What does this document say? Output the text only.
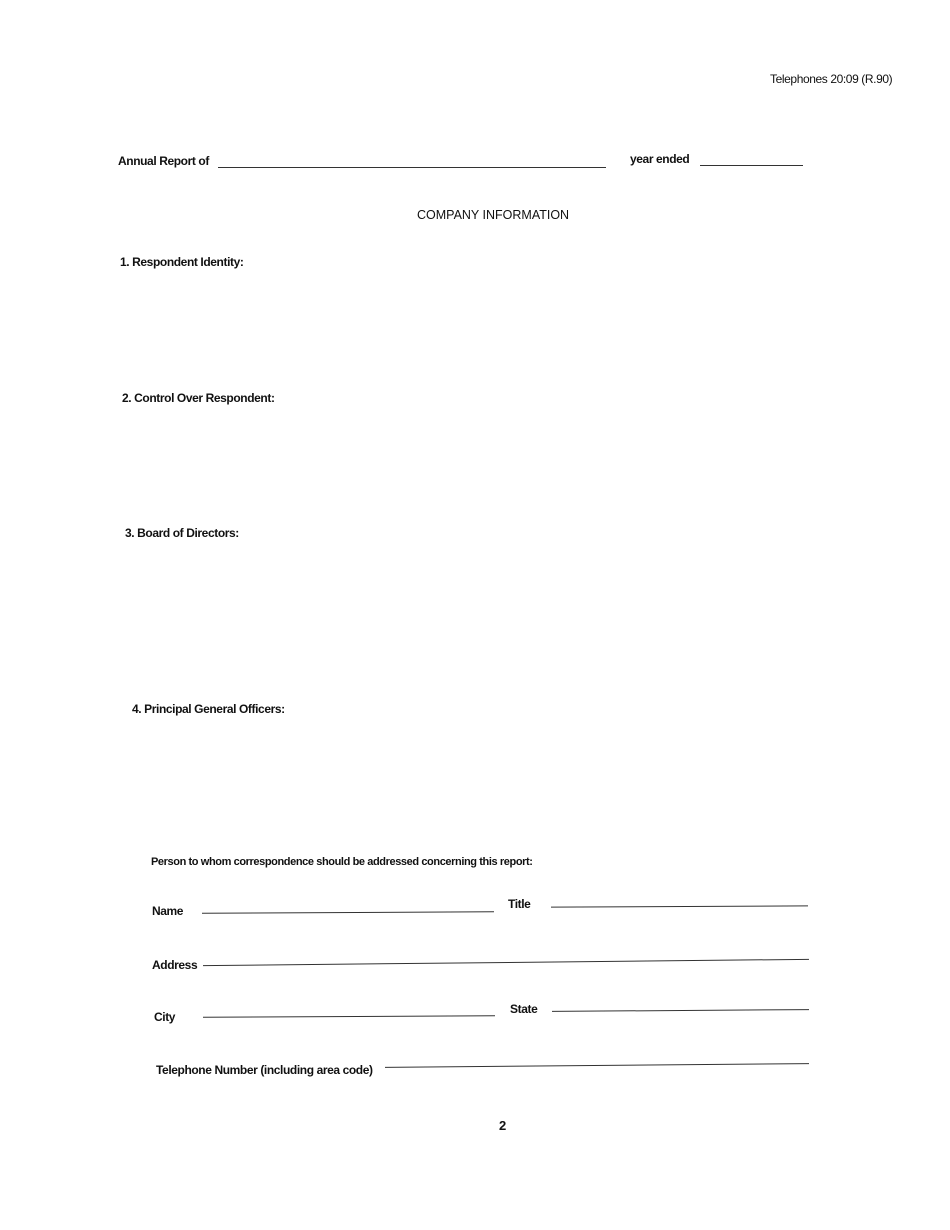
Telephones 20:09 (R.90)
Annual Report of	year ended
COMPANY INFORMATION
1. Respondent Identity:
2. Control Over Respondent:
3. Board of Directors:
4. Principal General Officers:
Person to whom correspondence should be addressed concerning this report:
Name	Title
Address
City
State
Telephone Number (including area code)
2
